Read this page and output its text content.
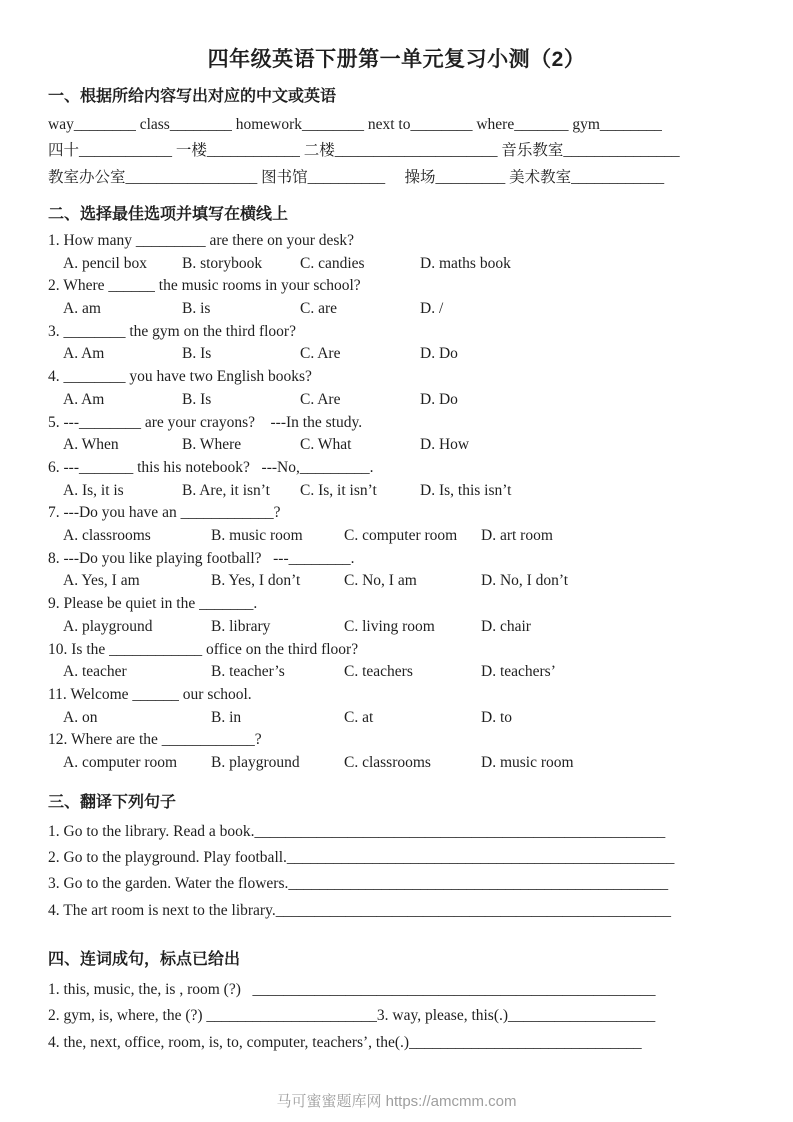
四年级英语下册第一单元复习小测（2）
一、根据所给内容写出对应的中文或英语
way________ class________ homework________ next to________ where_______ gym________
四十____________ 一楼____________ 二楼_____________________ 音乐教室_______________
教室办公室_________________ 图书馆__________     操场_________ 美术教室____________
二、选择最佳选项并填写在横线上
1. How many _________ are there on your desk?
A. pencil box	B. storybook	C. candies	D. maths book
2. Where ______ the music rooms in your school?
A. am	B. is	C. are	D. /
3. ________ the gym on the third floor?
A. Am	B. Is	C. Are	D. Do
4. ________ you have two English books?
A. Am	B. Is	C. Are	D. Do
5. ---________ are your crayons?    ---In the study.
A. When	B. Where	C. What	D. How
6. ---_______ this his notebook?   ---No,_________.
A. Is, it is	B. Are, it isn’t	C. Is, it isn’t	D. Is, this isn’t
7. ---Do you have an ____________?
A. classrooms	B. music room	C. computer room	D. art room
8. ---Do you like playing football?   ---________.
A. Yes, I am	B. Yes, I don’t	C. No, I am	D. No, I don’t
9. Please be quiet in the _______.
A. playground	B. library	C. living room	D. chair
10. Is the ____________ office on the third floor?
A. teacher	B. teacher’s	C. teachers	D. teachers’
11. Welcome ______ our school.
A. on	B. in	C. at	D. to
12. Where are the ____________?
A. computer room	B. playground	C. classrooms	D. music room
三、翻译下列句子
1. Go to the library. Read a book._____________________________________________________
2. Go to the playground. Play football.__________________________________________________
3. Go to the garden. Water the flowers._________________________________________________
4. The art room is next to the library.___________________________________________________
四、连词成句，标点已给出
1. this, music, the, is , room (?)   ____________________________________________________
2. gym, is, where, the (?) ______________________3. way, please, this(.)___________________
4. the, next, office, room, is, to, computer, teachers’, the(.)______________________________
马可蜜蜜题库网 https://amcmm.com
